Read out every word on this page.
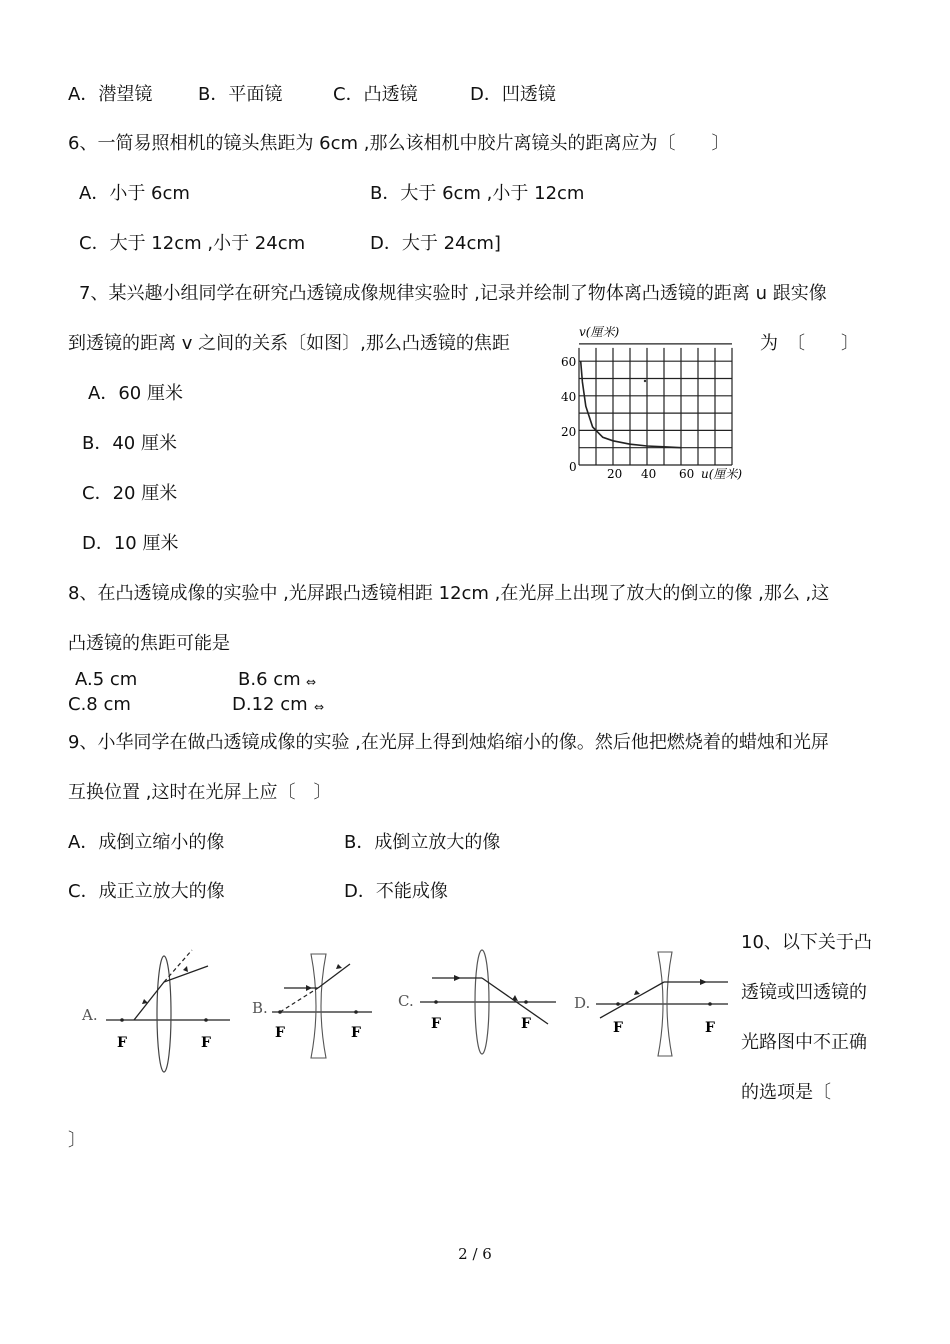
A．潜望镜	B．平面镜	C．凸透镜	D．凹透镜
6、一简易照相机的镜头焦距为 6cm ,那么该相机中胶片离镜头的距离应为〔　　〕
A．小于 6cm	B．大于 6cm ,小于 12cm
C．大于 12cm ,小于 24cm	D．大于 24cm]
7、某兴趣小组同学在研究凸透镜成像规律实验时 ,记录并绘制了物体离凸透镜的距离 u 跟实像
到透镜的距离 v 之间的关系〔如图〕,那么凸透镜的焦距	为　〔　　〕
A．60 厘米
B．40 厘米
C．20 厘米
D．10 厘米
v(厘米)
u(厘米)
0
20
40
60
20 40 60
8、在凸透镜成像的实验中 ,光屏跟凸透镜相距 12cm ,在光屏上出现了放大的倒立的像 ,那么 ,这
凸透镜的焦距可能是
A.5 cm	B.6 cm ⇔
C.8 cm	D.12 cm ⇔
9、小华同学在做凸透镜成像的实验 ,在光屏上得到烛焰缩小的像。然后他把燃烧着的蜡烛和光屏
互换位置 ,这时在光屏上应〔　〕
A．成倒立缩小的像	B．成倒立放大的像
C．成正立放大的像	D．不能成像
10、以下关于凸
透镜或凹透镜的
光路图中不正确
的选项是〔
〕
A.
F	F
B.
F	F
C.
F	F
D.
F	F
2 / 6
